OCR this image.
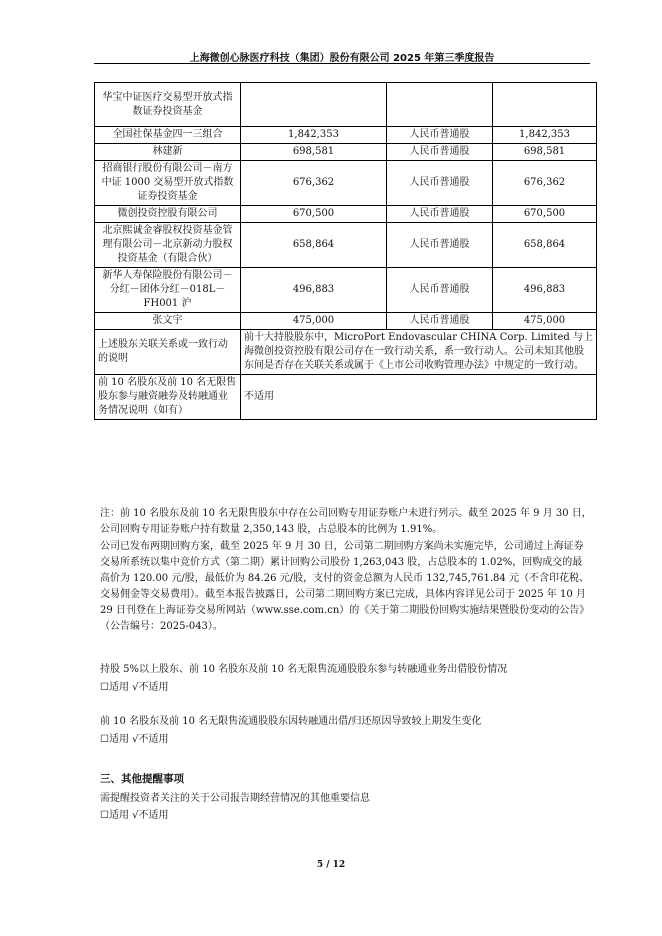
上海微创心脉医疗科技（集团）股份有限公司 2025 年第三季度报告
华宝中证医疗交易型开放式指数证券投资基金			
全国社保基金四一三组合	1,842,353	人民币普通股	1,842,353
林建新	698,581	人民币普通股	698,581
招商银行股份有限公司－南方中证 1000 交易型开放式指数证券投资基金	676,362	人民币普通股	676,362
微创投资控股有限公司	670,500	人民币普通股	670,500
北京熙诚金睿股权投资基金管理有限公司－北京新动力股权投资基金（有限合伙）	658,864	人民币普通股	658,864
新华人寿保险股份有限公司－分红－团体分红－018L－FH001 沪	496,883	人民币普通股	496,883
张文宇	475,000	人民币普通股	475,000
上述股东关联关系或一致行动的说明	前十大持股股东中，MicroPort Endovascular CHINA Corp. Limited 与上海微创投资控股有限公司存在一致行动关系，系一致行动人。公司未知其他股东间是否存在关联关系或属于《上市公司收购管理办法》中规定的一致行动。		
前 10 名股东及前 10 名无限售股东参与融资融券及转融通业务情况说明（如有）	不适用		

注：前 10 名股东及前 10 名无限售股东中存在公司回购专用证券账户未进行列示。截至 2025 年 9 月 30 日，公司回购专用证券账户持有数量 2,350,143 股，占总股本的比例为 1.91%。

公司已发布两期回购方案，截至 2025 年 9 月 30 日，公司第二期回购方案尚未实施完毕，公司通过上海证券交易所系统以集中竞价方式（第二期）累计回购公司股份 1,263,043 股，占总股本的 1.02%，回购成交的最高价为 120.00 元/股，最低价为 84.26 元/股，支付的资金总额为人民币 132,745,761.84 元（不含印花税、交易佣金等交易费用）。截至本报告披露日，公司第二期回购方案已完成，具体内容详见公司于 2025 年 10 月 29 日刊登在上海证券交易所网站（www.sse.com.cn）的《关于第二期股份回购实施结果暨股份变动的公告》（公告编号：2025-043）。

持股 5%以上股东、前 10 名股东及前 10 名无限售流通股股东参与转融通业务出借股份情况

☐适用 √不适用

前 10 名股东及前 10 名无限售流通股股东因转融通出借/归还原因导致较上期发生变化

☐适用 √不适用

三、其他提醒事项

需提醒投资者关注的关于公司报告期经营情况的其他重要信息

☐适用 √不适用

5 / 12
